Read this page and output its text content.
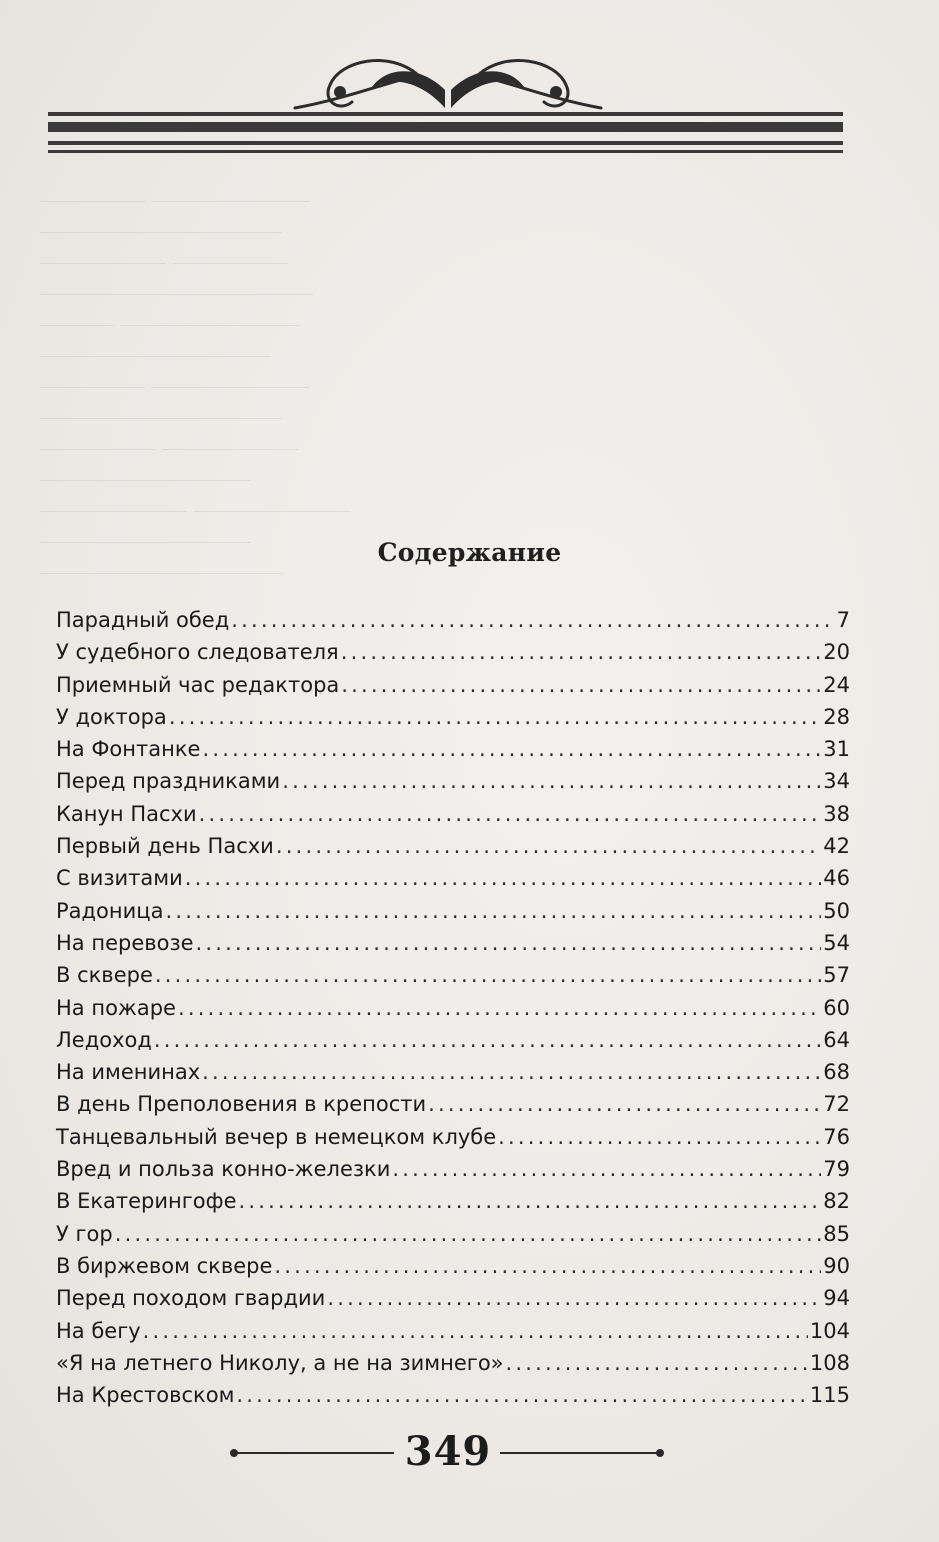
_______________ __________
_______________________
___________ ____________
__________________________
_________________ _______
______________________
_______________ __________
_______________________
_____________ ___________
____________________
_______________ ______________
____________________
_______________________	Содержание
Парадный обед .....	7
У судебного следователя .....	20
Приемный час редактора .....	24
У доктора .....	28
На Фонтанке .....	31
Перед праздниками .....	34
Канун Пасхи .....	38
Первый день Пасхи .....	42
С визитами .....	46
Радоница .....	50
На перевозе .....	54
В сквере .....	57
На пожаре .....	60
Ледоход .....	64
На именинах .....	68
В день Преполовения в крепости .....	72
Танцевальный вечер в немецком клубе .....	76
Вред и польза конно-железки .....	79
В Екатерингофе .....	82
У гор .....	85
В биржевом сквере .....	90
Перед походом гвардии .....	94
На бегу .....	104
«Я на летнего Николу, а не на зимнего» .....	108
На Крестовском .....	115
349
